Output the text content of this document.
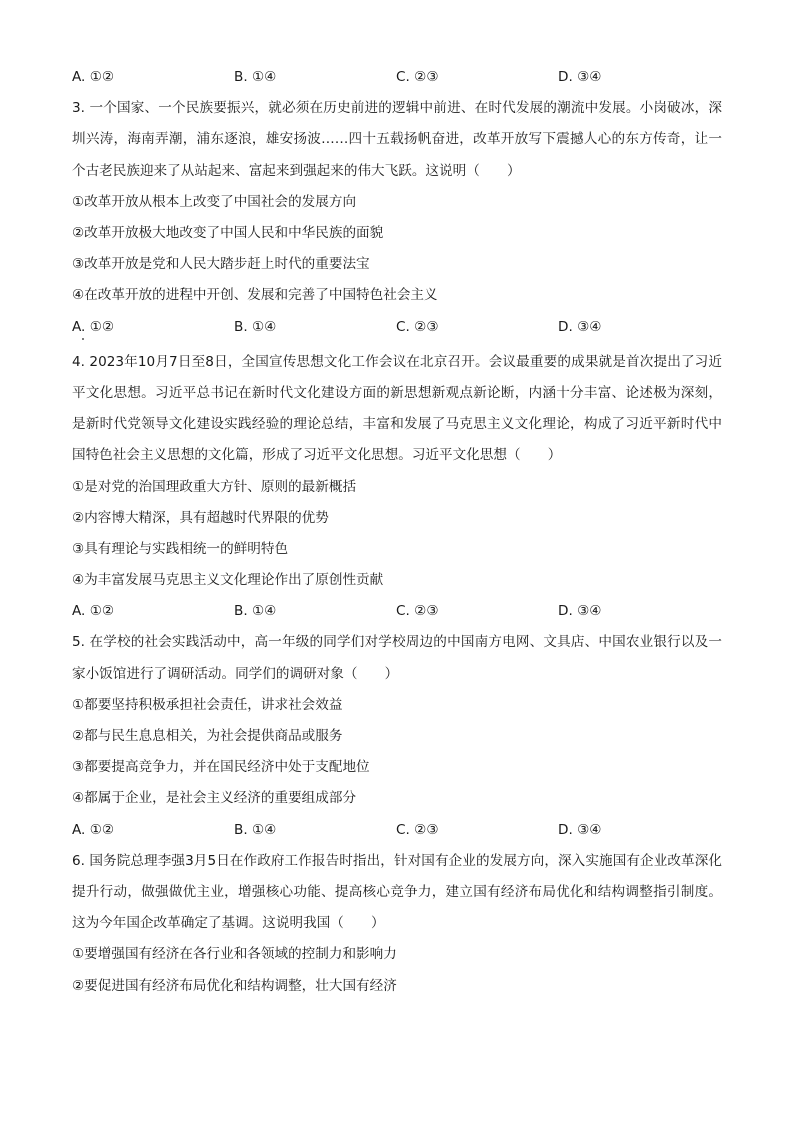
A. ①②	B. ①④	C. ②③	D. ③④
3. 一个国家、一个民族要振兴，就必须在历史前进的逻辑中前进、在时代发展的潮流中发展。小岗破冰，深圳兴涛，海南弄潮，浦东逐浪，雄安扬波……四十五载扬帆奋进，改革开放写下震撼人心的东方传奇，让一个古老民族迎来了从站起来、富起来到强起来的伟大飞跃。这说明（　　）
①改革开放从根本上改变了中国社会的发展方向
②改革开放极大地改变了中国人民和中华民族的面貌
③改革开放是党和人民大踏步赶上时代的重要法宝
④在改革开放的进程中开创、发展和完善了中国特色社会主义
A. ①②	B. ①④	C. ②③	D. ③④
4. 2023年10月7日至8日，全国宣传思想文化工作会议在北京召开。会议最重要的成果就是首次提出了习近平文化思想。习近平总书记在新时代文化建设方面的新思想新观点新论断，内涵十分丰富、论述极为深刻，是新时代党领导文化建设实践经验的理论总结，丰富和发展了马克思主义文化理论，构成了习近平新时代中国特色社会主义思想的文化篇，形成了习近平文化思想。习近平文化思想（　　）
①是对党的治国理政重大方针、原则的最新概括
②内容博大精深，具有超越时代界限的优势
③具有理论与实践相统一的鲜明特色
④为丰富发展马克思主义文化理论作出了原创性贡献
A. ①②	B. ①④	C. ②③	D. ③④
5. 在学校的社会实践活动中，高一年级的同学们对学校周边的中国南方电网、文具店、中国农业银行以及一家小饭馆进行了调研活动。同学们的调研对象（　　）
①都要坚持积极承担社会责任，讲求社会效益
②都与民生息息相关，为社会提供商品或服务
③都要提高竞争力，并在国民经济中处于支配地位
④都属于企业，是社会主义经济的重要组成部分
A. ①②	B. ①④	C. ②③	D. ③④
6. 国务院总理李强3月5日在作政府工作报告时指出，针对国有企业的发展方向，深入实施国有企业改革深化提升行动，做强做优主业，增强核心功能、提高核心竞争力，建立国有经济布局优化和结构调整指引制度。这为今年国企改革确定了基调。这说明我国（　　）
①要增强国有经济在各行业和各领域的控制力和影响力
②要促进国有经济布局优化和结构调整，壮大国有经济
